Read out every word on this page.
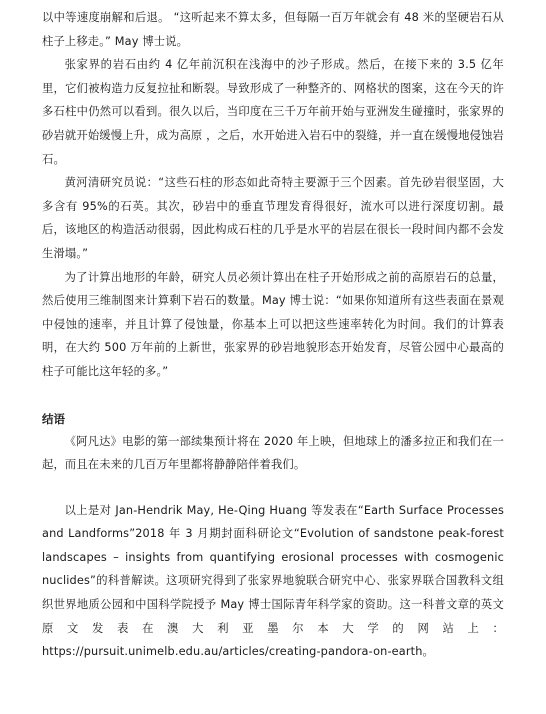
以中等速度崩解和后退。 “这听起来不算太多，但每隔一百万年就会有 48 米的坚硬岩石从柱子上移走。” May 博士说。

张家界的岩石由约 4 亿年前沉积在浅海中的沙子形成。然后，在接下来的 3.5 亿年里，它们被构造力反复拉扯和断裂。导致形成了一种整齐的、网格状的图案，这在今天的许多石柱中仍然可以看到。很久以后，当印度在三千万年前开始与亚洲发生碰撞时，张家界的砂岩就开始缓慢上升，成为高原 ，之后，水开始进入岩石中的裂缝，并一直在缓慢地侵蚀岩石。

黄河清研究员说：“这些石柱的形态如此奇特主要源于三个因素。首先砂岩很坚固，大多含有 95%的石英。其次，砂岩中的垂直节理发育得很好，流水可以进行深度切割。最后，该地区的构造活动很弱，因此构成石柱的几乎是水平的岩层在很长一段时间内都不会发生滑塌。”

为了计算出地形的年龄，研究人员必须计算出在柱子开始形成之前的高原岩石的总量，然后使用三维制图来计算剩下岩石的数量。May 博士说：“如果你知道所有这些表面在景观中侵蚀的速率，并且计算了侵蚀量，你基本上可以把这些速率转化为时间。我们的计算表明，在大约 500 万年前的上新世，张家界的砂岩地貌形态开始发育，尽管公园中心最高的柱子可能比这年轻的多。”

结语

《阿凡达》电影的第一部续集预计将在 2020 年上映，但地球上的潘多拉正和我们在一起，而且在未来的几百万年里都将静静陪伴着我们。

以上是对 Jan-Hendrik May, He-Qing Huang 等发表在“Earth Surface Processes and Landforms”2018 年 3 月期封面科研论文“Evolution of sandstone peak-forest landscapes – insights from quantifying erosional processes with cosmogenic nuclides”的科普解读。这项研究得到了张家界地貌联合研究中心、张家界联合国教科文组织世界地质公园和中国科学院授予 May 博士国际青年科学家的资助。这一科普文章的英文原文发表在澳大利亚墨尔本大学的网站上：https://pursuit.unimelb.edu.au/articles/creating-pandora-on-earth。
